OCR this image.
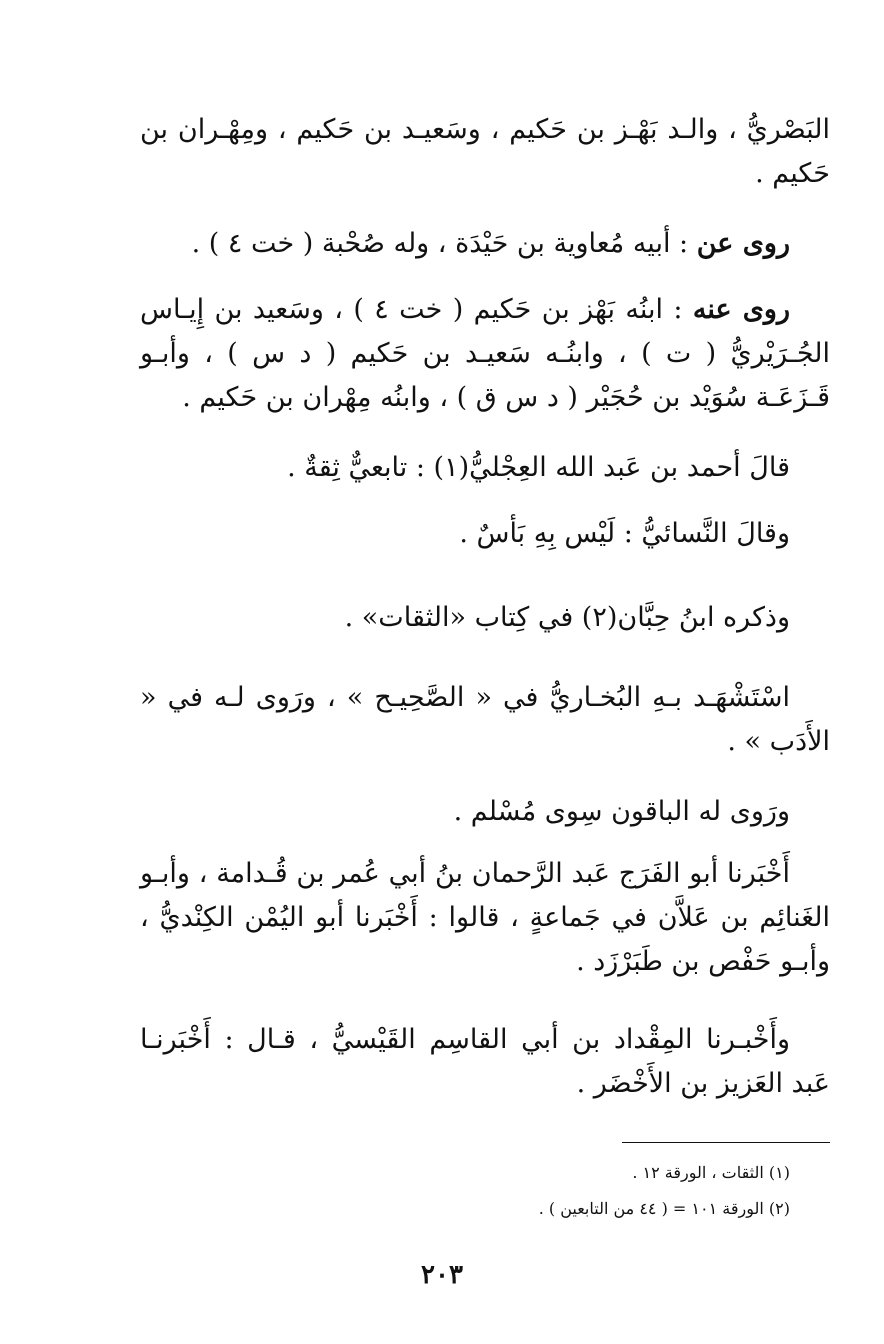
البَصْريُّ ، والـد بَهْـز بن حَكيم ، وسَعيـد بن حَكيم ، ومِهْـران بن حَكيم .
روى عن : أبيه مُعاوية بن حَيْدَة ، وله صُحْبة ( خت ٤ ) .
روى عنه : ابنُه بَهْز بن حَكيم ( خت ٤ ) ، وسَعيد بن إِيـاس الجُـرَيْريُّ ( ت ) ، وابنُـه سَعيـد بن حَكيم ( د س ) ، وأبـو قَـزَعَـة سُوَيْد بن حُجَيْر ( د س ق ) ، وابنُه مِهْران بن حَكيم .
قالَ أحمد بن عَبد الله العِجْليُّ(١) : تابعيٌّ ثِقةٌ .
وقالَ النَّسائيُّ : لَيْس بِهِ بَأسٌ .
وذكره ابنُ حِبَّان(٢) في كِتاب «الثقات» .
اسْتَشْهَـد بـهِ البُخـاريُّ في « الصَّحِيـح » ، ورَوى لـه في « الأَدَب » .
ورَوى له الباقون سِوى مُسْلم .
أَخْبَرنا أبو الفَرَج عَبد الرَّحمان بنُ أبي عُمر بن قُـدامة ، وأبـو الغَنائِم بن عَلاَّن في جَماعةٍ ، قالوا : أَخْبَرنا أبو اليُمْن الكِنْديُّ ، وأبـو حَفْص بن طَبَرْزَد .
وأَخْبـرنا المِقْداد بن أبي القاسِم القَيْسيُّ ، قـال : أَخْبَرنـا عَبد العَزيز بن الأَخْضَر .
(١) الثقات ، الورقة ١٢ .
(٢) الورقة ١٠١ = ( ٤٤ من التابعين ) .
٢٠٣
